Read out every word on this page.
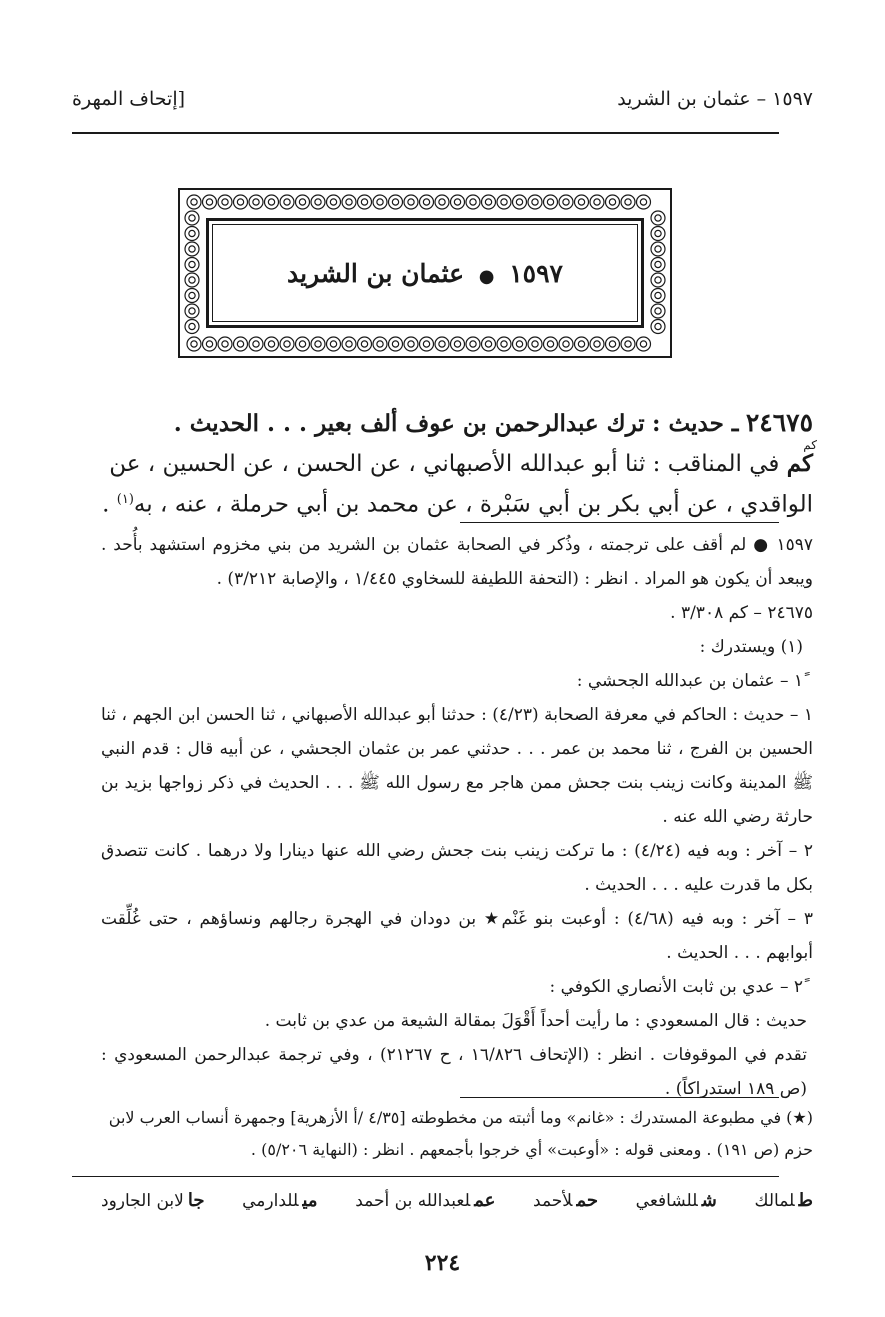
١٥٩٧ – عثمان بن الشريد
[إتحاف المهرة
١٥٩٧ ● عثمان بن الشريد
٢٤٦٧٥ ـ حديث : ترك عبدالرحمن بن عوف ألف بعير . . . الحديث .
كم
كم في المناقب : ثنا أبو عبدالله الأصبهاني ، عن الحسن ، عن الحسين ، عن
الواقدي ، عن أبي بكر بن أبي سَبْرة ، عن محمد بن أبي حرملة ، عنه ، به$^{(١)}$ .

١٥٩٧ ● لم أقف على ترجمته ، وذُكر في الصحابة عثمان بن الشريد من بني مخزوم استشهد بأُحد . ويبعد أن يكون هو المراد . انظر : (التحفة اللطيفة للسخاوي ١/٤٤٥ ، والإصابة ٣/٢١٢) .

٢٤٦٧٥ – كم ٣/٣٠٨ .

(١) ويستدرك :

١ً – عثمان بن عبدالله الجحشي :

١ – حديث : الحاكم في معرفة الصحابة (٤/٢٣) : حدثنا أبو عبدالله الأصبهاني ، ثنا الحسن ابن الجهم ، ثنا الحسين بن الفرج ، ثنا محمد بن عمر . . . حدثني عمر بن عثمان الجحشي ، عن أبيه قال : قدم النبي ﷺ المدينة وكانت زينب بنت جحش ممن هاجر مع رسول الله ﷺ . . . الحديث في ذكر زواجها بزيد بن حارثة رضي الله عنه .

٢ – آخر : وبه فيه (٤/٢٤) : ما تركت زينب بنت جحش رضي الله عنها دينارا ولا درهما . كانت تتصدق بكل ما قدرت عليه . . . الحديث .

٣ – آخر : وبه فيه (٤/٦٨) : أوعبت بنو غَنْم★ بن دودان في الهجرة رجالهم ونساؤهم ، حتى غُلِّقت أبوابهم . . . الحديث .

٢ً – عدي بن ثابت الأنصاري الكوفي :

حديث : قال المسعودي : ما رأيت أحداً أَقْوَلَ بمقالة الشيعة من عدي بن ثابت .

تقدم في الموقوفات . انظر : (الإتحاف ١٦/٨٢٦ ، ح ٢١٢٦٧) ، وفي ترجمة عبدالرحمن المسعودي : (ص ١٨٩ استدراكاً) .

(★) في مطبوعة المستدرك : «غانم» وما أثبته من مخطوطته [٤/٣٥ /أ الأزهرية] وجمهرة أنساب العرب لابن حزم (ص ١٩١) . ومعنى قوله : «أوعبت» أي خرجوا بأجمعهم . انظر : (النهاية ٥/٢٠٦) .

طلمالك
شللشافعي
حملأحمد
عملعبدالله بن أحمد
ميللدارمي
جالابن الجارود
٢٢٤
